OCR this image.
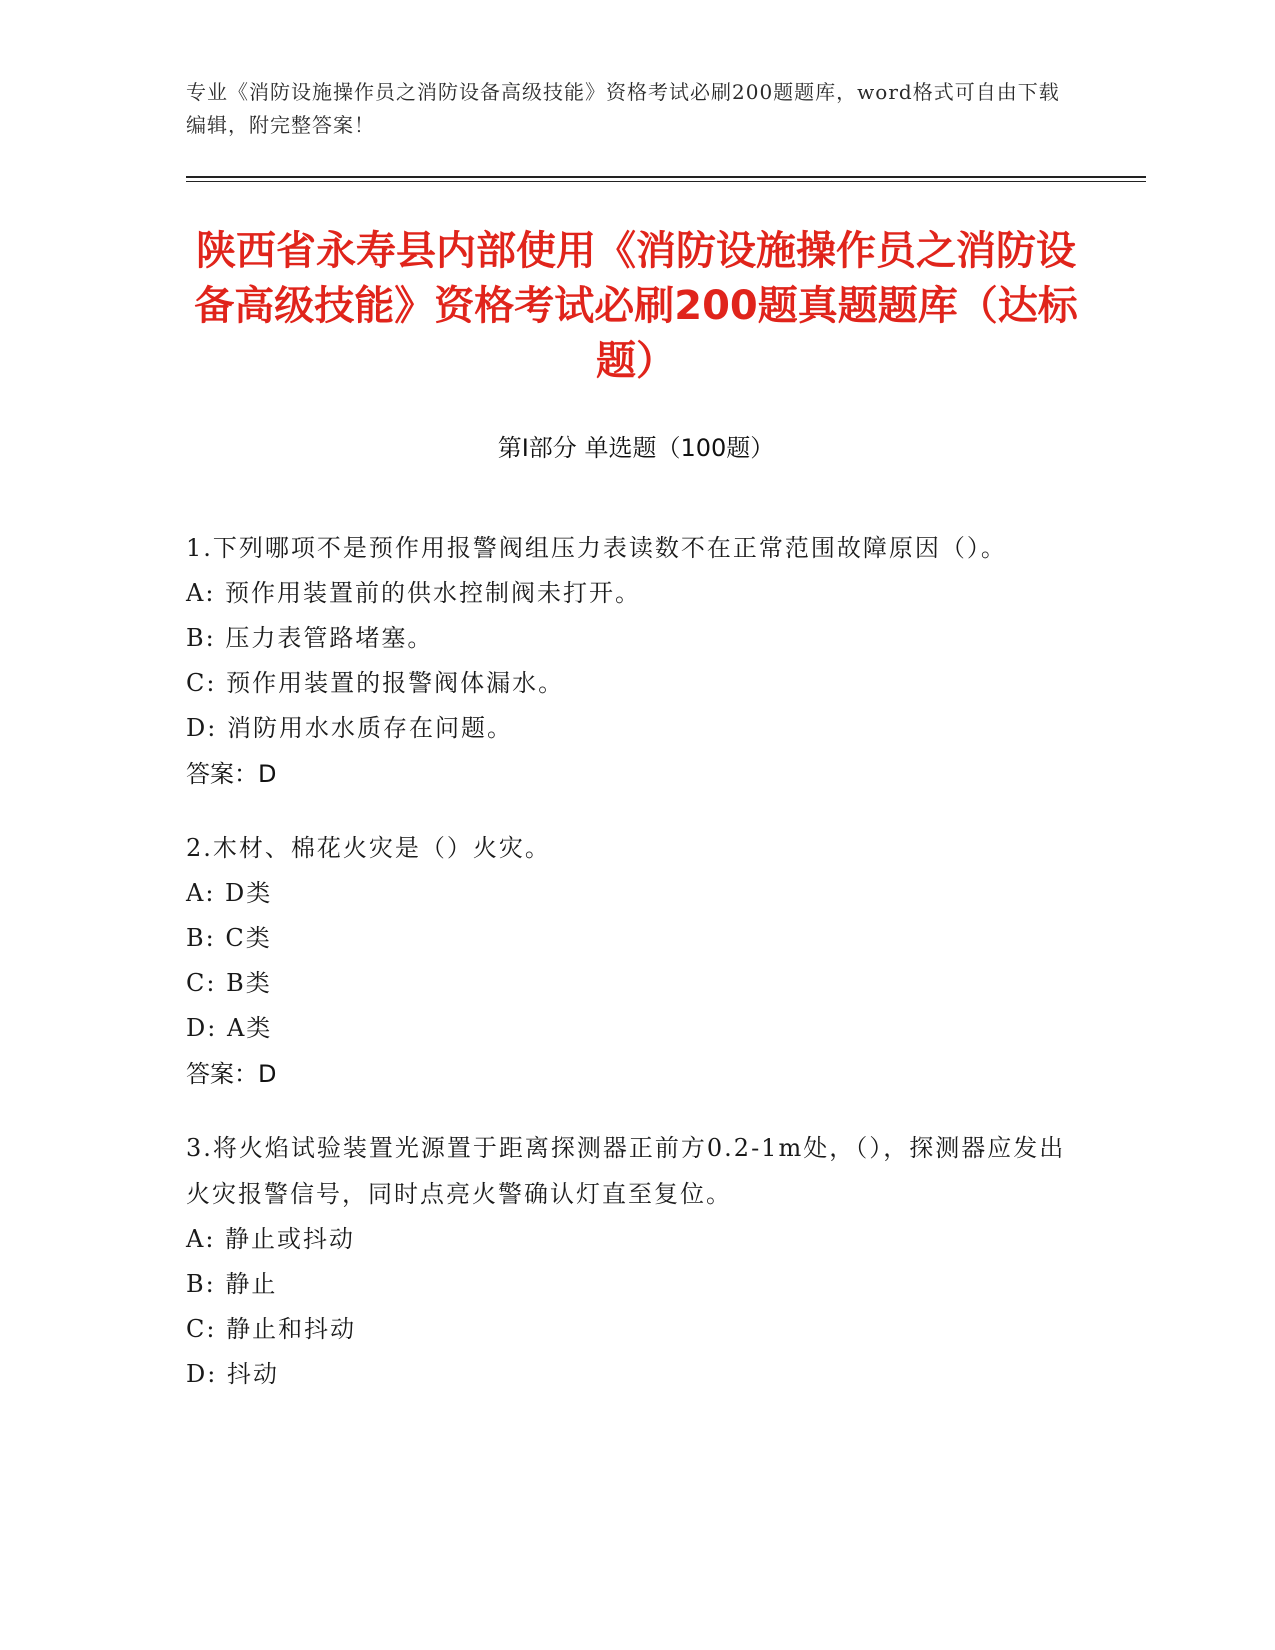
专业《消防设施操作员之消防设备高级技能》资格考试必刷200题题库，word格式可自由下载编辑，附完整答案！
陕西省永寿县内部使用《消防设施操作员之消防设备高级技能》资格考试必刷200题真题题库（达标题）
第Ⅰ部分 单选题（100题）
1.下列哪项不是预作用报警阀组压力表读数不在正常范围故障原因（）。
A: 预作用装置前的供水控制阀未打开。
B: 压力表管路堵塞。
C: 预作用装置的报警阀体漏水。
D: 消防用水水质存在问题。
答案：D
2.木材、棉花火灾是（）火灾。
A: D类
B: C类
C: B类
D: A类
答案：D
3.将火焰试验装置光源置于距离探测器正前方0.2-1m处，（），探测器应发出火灾报警信号，同时点亮火警确认灯直至复位。
A: 静止或抖动
B: 静止
C: 静止和抖动
D: 抖动
